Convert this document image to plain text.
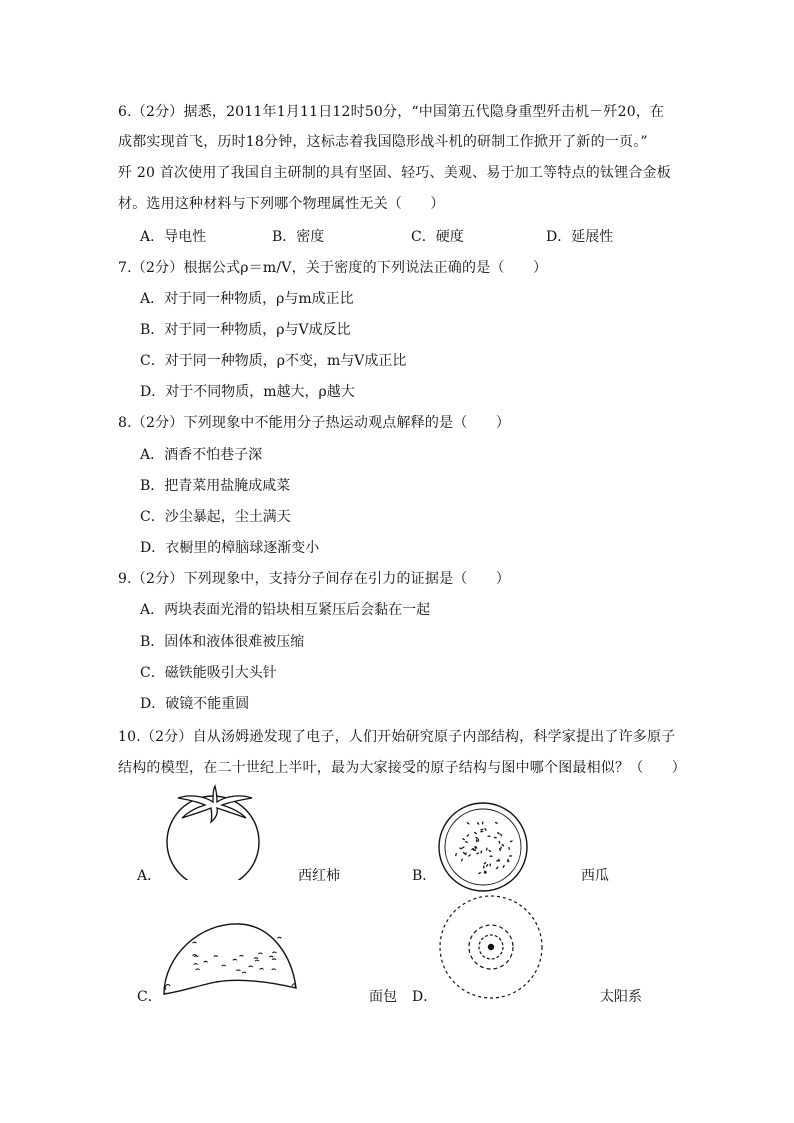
6.（2分）据悉，2011年1月11日12时50分，“中国第五代隐身重型歼击机－歼20，在
成都实现首飞，历时18分钟，这标志着我国隐形战斗机的研制工作掀开了新的一页。”
歼 20 首次使用了我国自主研制的具有坚固、轻巧、美观、易于加工等特点的钛锂合金板
材。选用这种材料与下列哪个物理属性无关（　　）
A．导电性	B．密度	C．硬度	D．延展性
7.（2分）根据公式ρ＝m/V，关于密度的下列说法正确的是（　　）
A．对于同一种物质，ρ与m成正比
B．对于同一种物质，ρ与V成反比
C．对于同一种物质，ρ不变，m与V成正比
D．对于不同物质，m越大，ρ越大
8.（2分）下列现象中不能用分子热运动观点解释的是（　　）
A．酒香不怕巷子深
B．把青菜用盐腌成咸菜
C．沙尘暴起，尘土满天
D．衣橱里的樟脑球逐渐变小
9.（2分）下列现象中，支持分子间存在引力的证据是（　　）
A．两块表面光滑的铅块相互紧压后会黏在一起
B．固体和液体很难被压缩
C．磁铁能吸引大头针
D．破镜不能重圆
10.（2分）自从汤姆逊发现了电子，人们开始研究原子内部结构，科学家提出了许多原子
结构的模型，在二十世纪上半叶，最为大家接受的原子结构与图中哪个图最相似？（　　）
A．	西红柿	B．	西瓜
C．	面包 D．	太阳系
